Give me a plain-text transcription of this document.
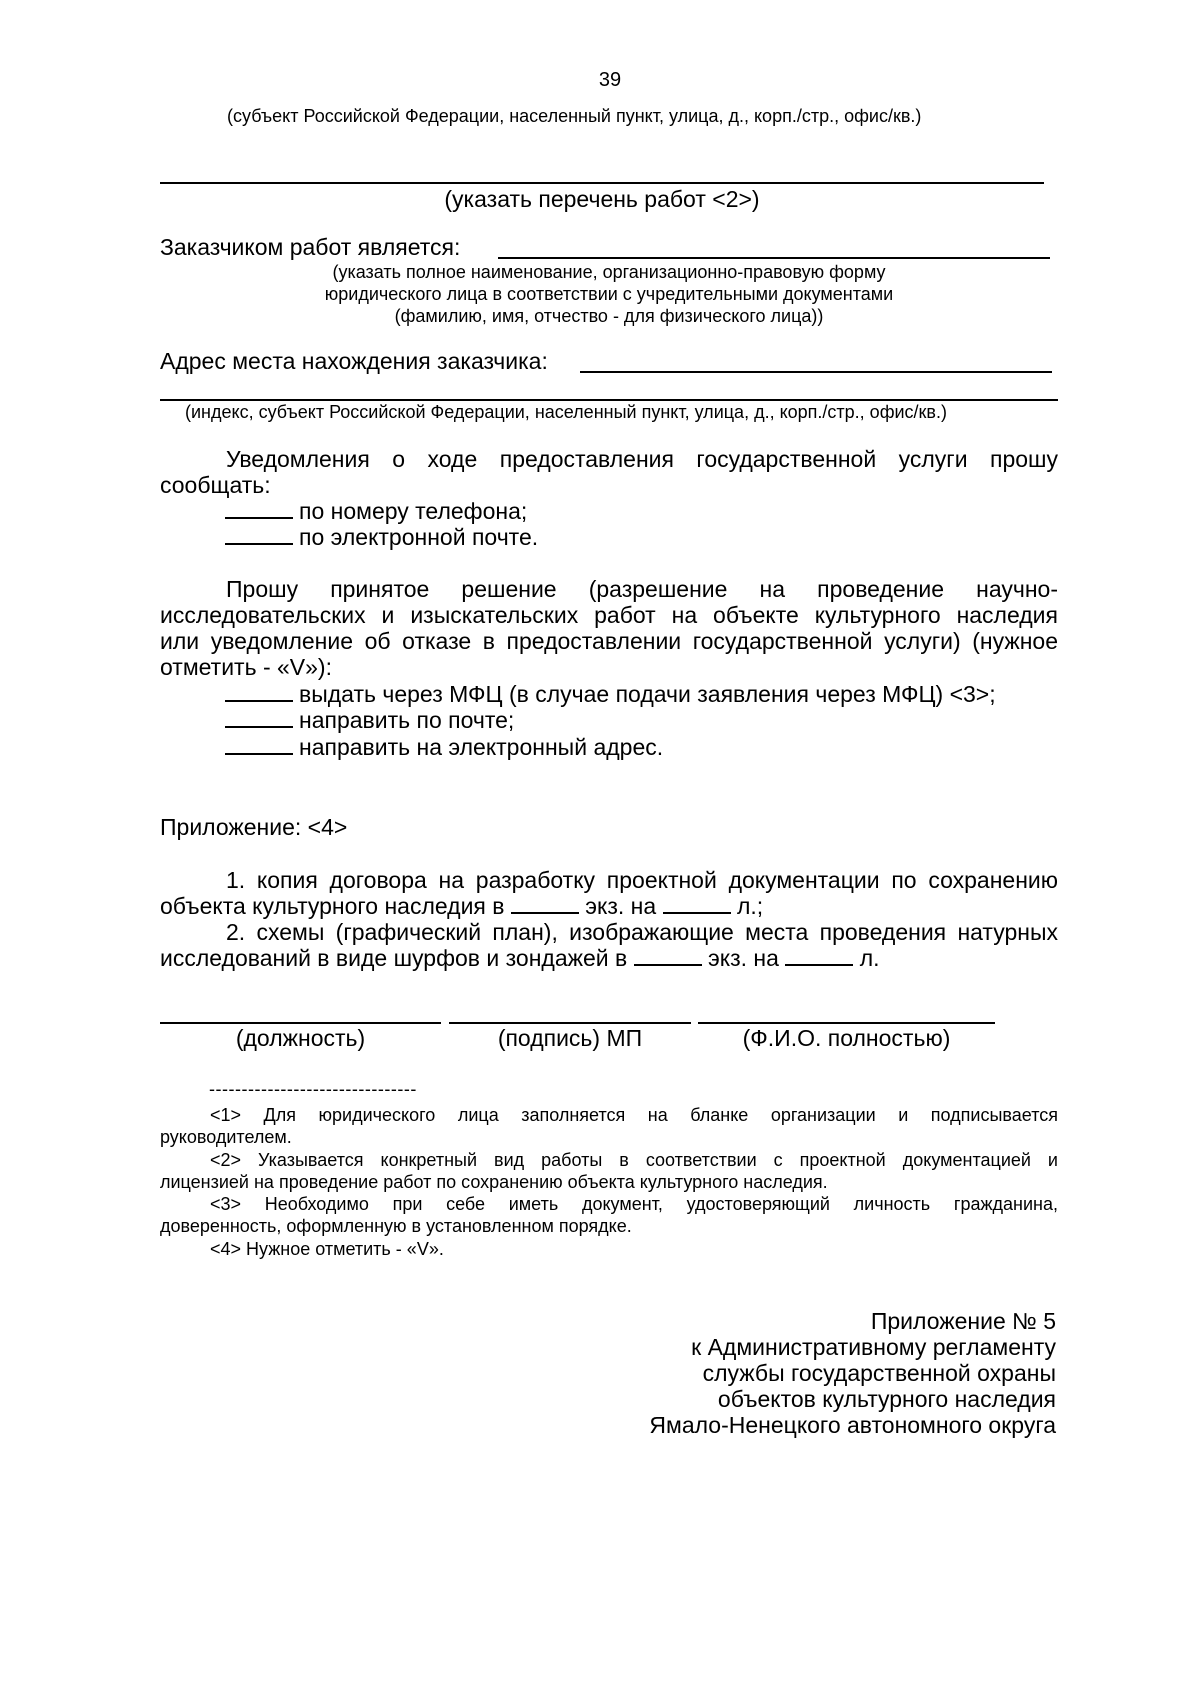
39
(субъект Российской Федерации, населенный пункт, улица, д., корп./стр., офис/кв.)
(указать перечень работ <2>)
Заказчиком работ является:
(указать полное наименование, организационно-правовую форму
юридического лица в соответствии с учредительными документами
(фамилию, имя, отчество - для физического лица))
Адрес места нахождения заказчика:
(индекс, субъект Российской Федерации, населенный пункт, улица, д., корп./стр., офис/кв.)
Уведомления о ходе предоставления государственной услуги прошу
сообщать:
по номеру телефона;
по электронной почте.
Прошу принятое решение (разрешение на проведение научно-
исследовательских и изыскательских работ на объекте культурного наследия
или уведомление об отказе в предоставлении государственной услуги) (нужное
отметить - «V»):
выдать через МФЦ (в случае подачи заявления через МФЦ) <3>;
направить по почте;
направить на электронный адрес.
Приложение: <4>
1. копия договора на разработку проектной документации по сохранению
объекта культурного наследия в	экз. на	л.;
2. схемы (графический план), изображающие места проведения натурных
исследований в виде шурфов и зондажей в	экз. на	л.
(должность)	(подпись) МП	(Ф.И.О. полностью)
--------------------------------
<1> Для юридического лица заполняется на бланке организации и подписывается
руководителем.
<2> Указывается конкретный вид работы в соответствии с проектной документацией и
лицензией на проведение работ по сохранению объекта культурного наследия.
<3> Необходимо при себе иметь документ, удостоверяющий личность гражданина,
доверенность, оформленную в установленном порядке.
<4> Нужное отметить - «V».
Приложение № 5
к Административному регламенту
службы государственной охраны
объектов культурного наследия
Ямало-Ненецкого автономного округа
